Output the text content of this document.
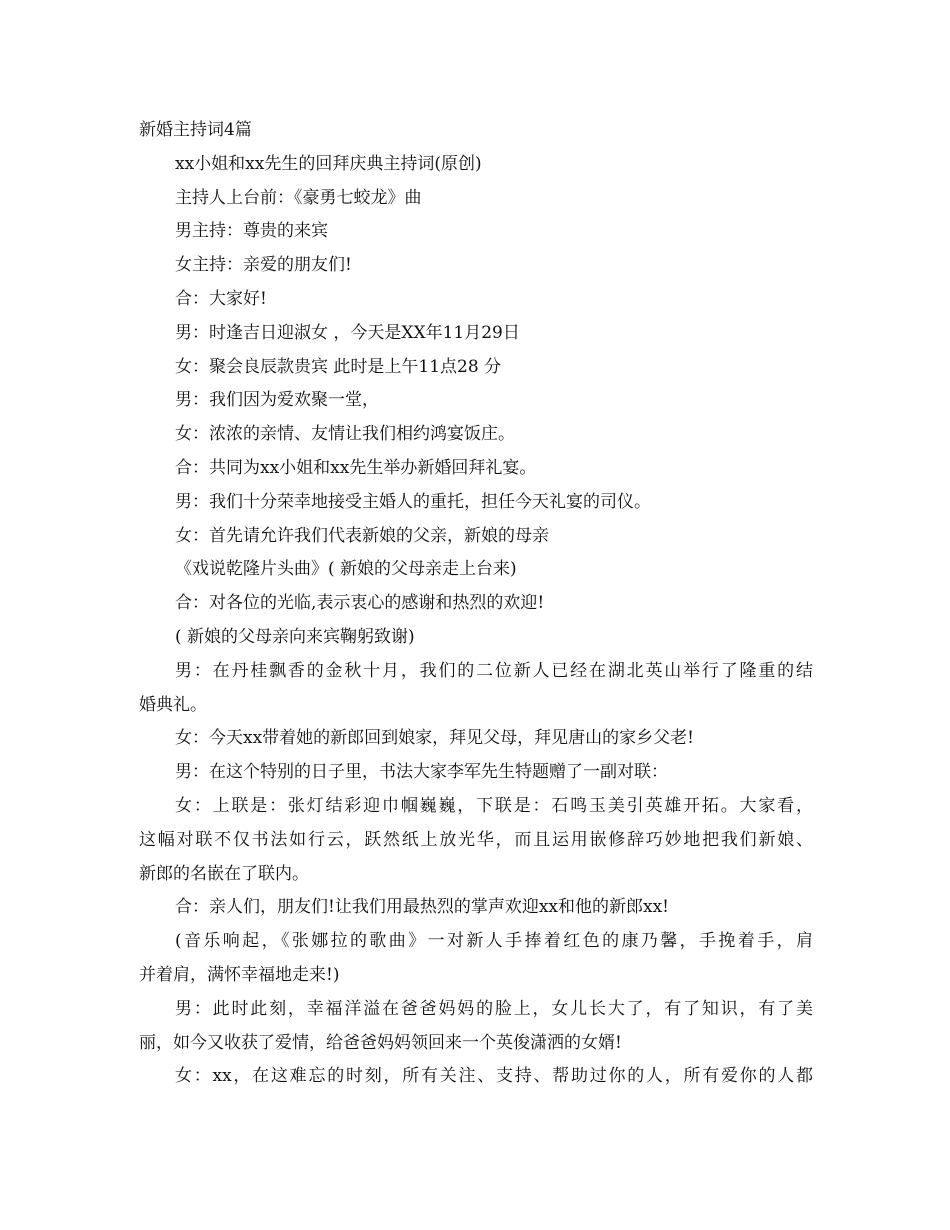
新婚主持词4篇
xx小姐和xx先生的回拜庆典主持词(原创)
主持人上台前：《豪勇七蛟龙》曲
男主持：尊贵的来宾
女主持：亲爱的朋友们!
合：大家好!
男：时逢吉日迎淑女 ，今天是XX年11月29日
女：聚会良辰款贵宾 此时是上午11点28 分
男：我们因为爱欢聚一堂，
女：浓浓的亲情、友情让我们相约鸿宴饭庄。
合：共同为xx小姐和xx先生举办新婚回拜礼宴。
男：我们十分荣幸地接受主婚人的重托，担任今天礼宴的司仪。
女：首先请允许我们代表新娘的父亲，新娘的母亲
《戏说乾隆片头曲》( 新娘的父母亲走上台来)
合：对各位的光临,表示衷心的感谢和热烈的欢迎!
( 新娘的父母亲向来宾鞠躬致谢)
男：在丹桂飘香的金秋十月，我们的二位新人已经在湖北英山举行了隆重的结
婚典礼。
女：今天xx带着她的新郎回到娘家，拜见父母，拜见唐山的家乡父老!
男：在这个特别的日子里，书法大家李军先生特题赠了一副对联：
女：上联是：张灯结彩迎巾帼巍巍，下联是：石鸣玉美引英雄开拓。大家看，
这幅对联不仅书法如行云，跃然纸上放光华，而且运用嵌修辞巧妙地把我们新娘、
新郎的名嵌在了联内。
合：亲人们，朋友们!让我们用最热烈的掌声欢迎xx和他的新郎xx!
(音乐响起，《张娜拉的歌曲》一对新人手捧着红色的康乃馨，手挽着手，肩
并着肩，满怀幸福地走来!)
男：此时此刻，幸福洋溢在爸爸妈妈的脸上，女儿长大了，有了知识，有了美
丽，如今又收获了爱情，给爸爸妈妈领回来一个英俊潇洒的女婿!
女：xx，在这难忘的时刻，所有关注、支持、帮助过你的人，所有爱你的人都
